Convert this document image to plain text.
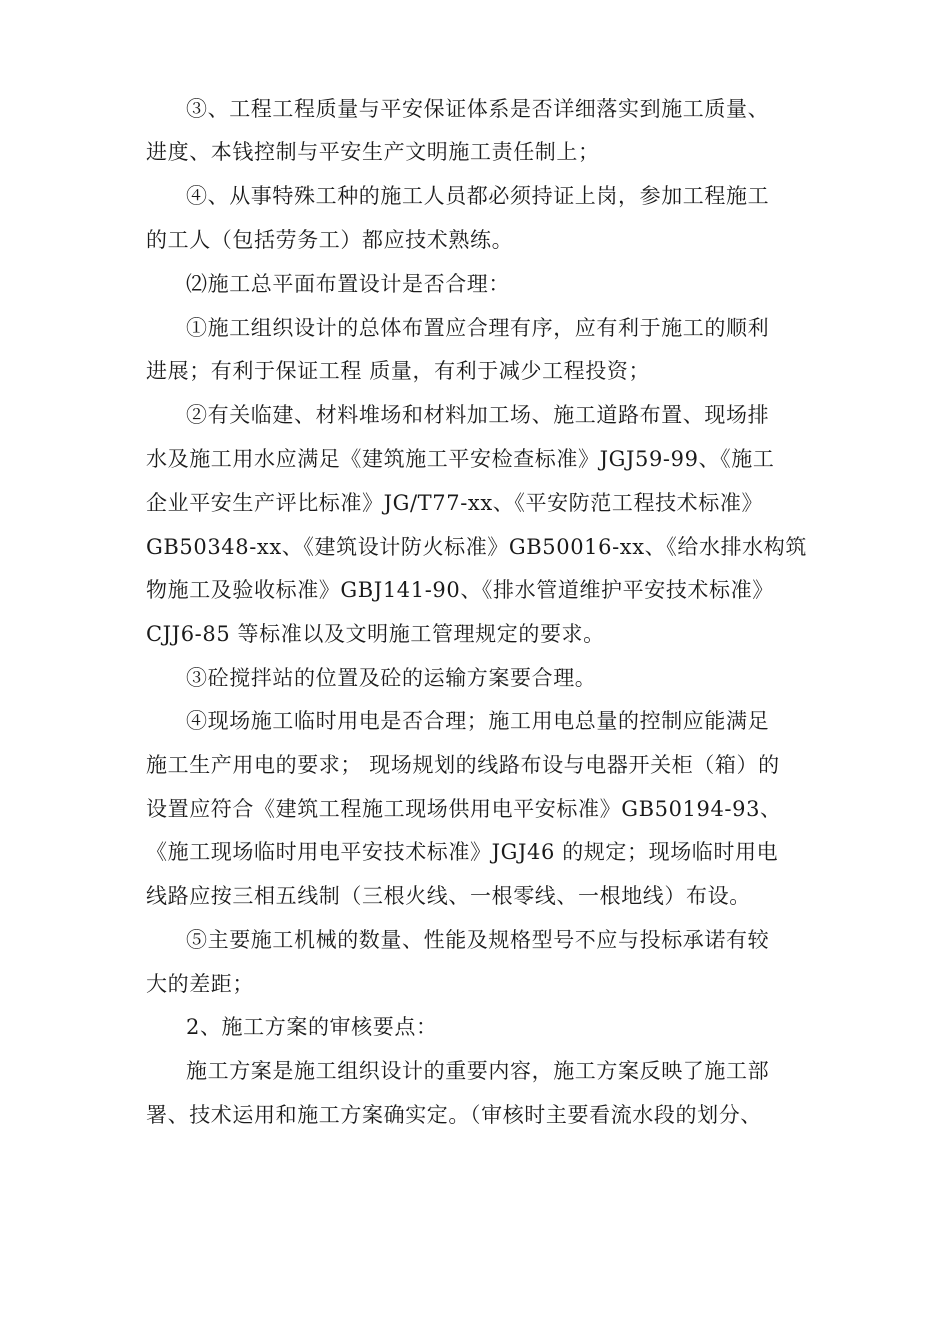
③、工程工程质量与平安保证体系是否详细落实到施工质量、
进度、本钱控制与平安生产文明施工责任制上；
④、从事特殊工种的施工人员都必须持证上岗，参加工程施工
的工人（包括劳务工）都应技术熟练。
⑵施工总平面布置设计是否合理：
①施工组织设计的总体布置应合理有序，应有利于施工的顺利
进展；有利于保证工程 质量，有利于减少工程投资；
②有关临建、材料堆场和材料加工场、施工道路布置、现场排
水及施工用水应满足《建筑施工平安检查标准》JGJ59-99、《施工
企业平安生产评比标准》JG/T77-xx、《平安防范工程技术标准》
GB50348-xx、《建筑设计防火标准》GB50016-xx、《给水排水构筑
物施工及验收标准》GBJ141-90、《排水管道维护平安技术标准》
CJJ6-85 等标准以及文明施工管理规定的要求。
③砼搅拌站的位置及砼的运输方案要合理。
④现场施工临时用电是否合理；施工用电总量的控制应能满足
施工生产用电的要求； 现场规划的线路布设与电器开关柜（箱）的
设置应符合《建筑工程施工现场供用电平安标准》GB50194-93、
《施工现场临时用电平安技术标准》JGJ46 的规定；现场临时用电
线路应按三相五线制（三根火线、一根零线、一根地线）布设。
⑤主要施工机械的数量、性能及规格型号不应与投标承诺有较
大的差距；
2、施工方案的审核要点：
施工方案是施工组织设计的重要内容，施工方案反映了施工部
署、技术运用和施工方案确实定。（审核时主要看流水段的划分、
